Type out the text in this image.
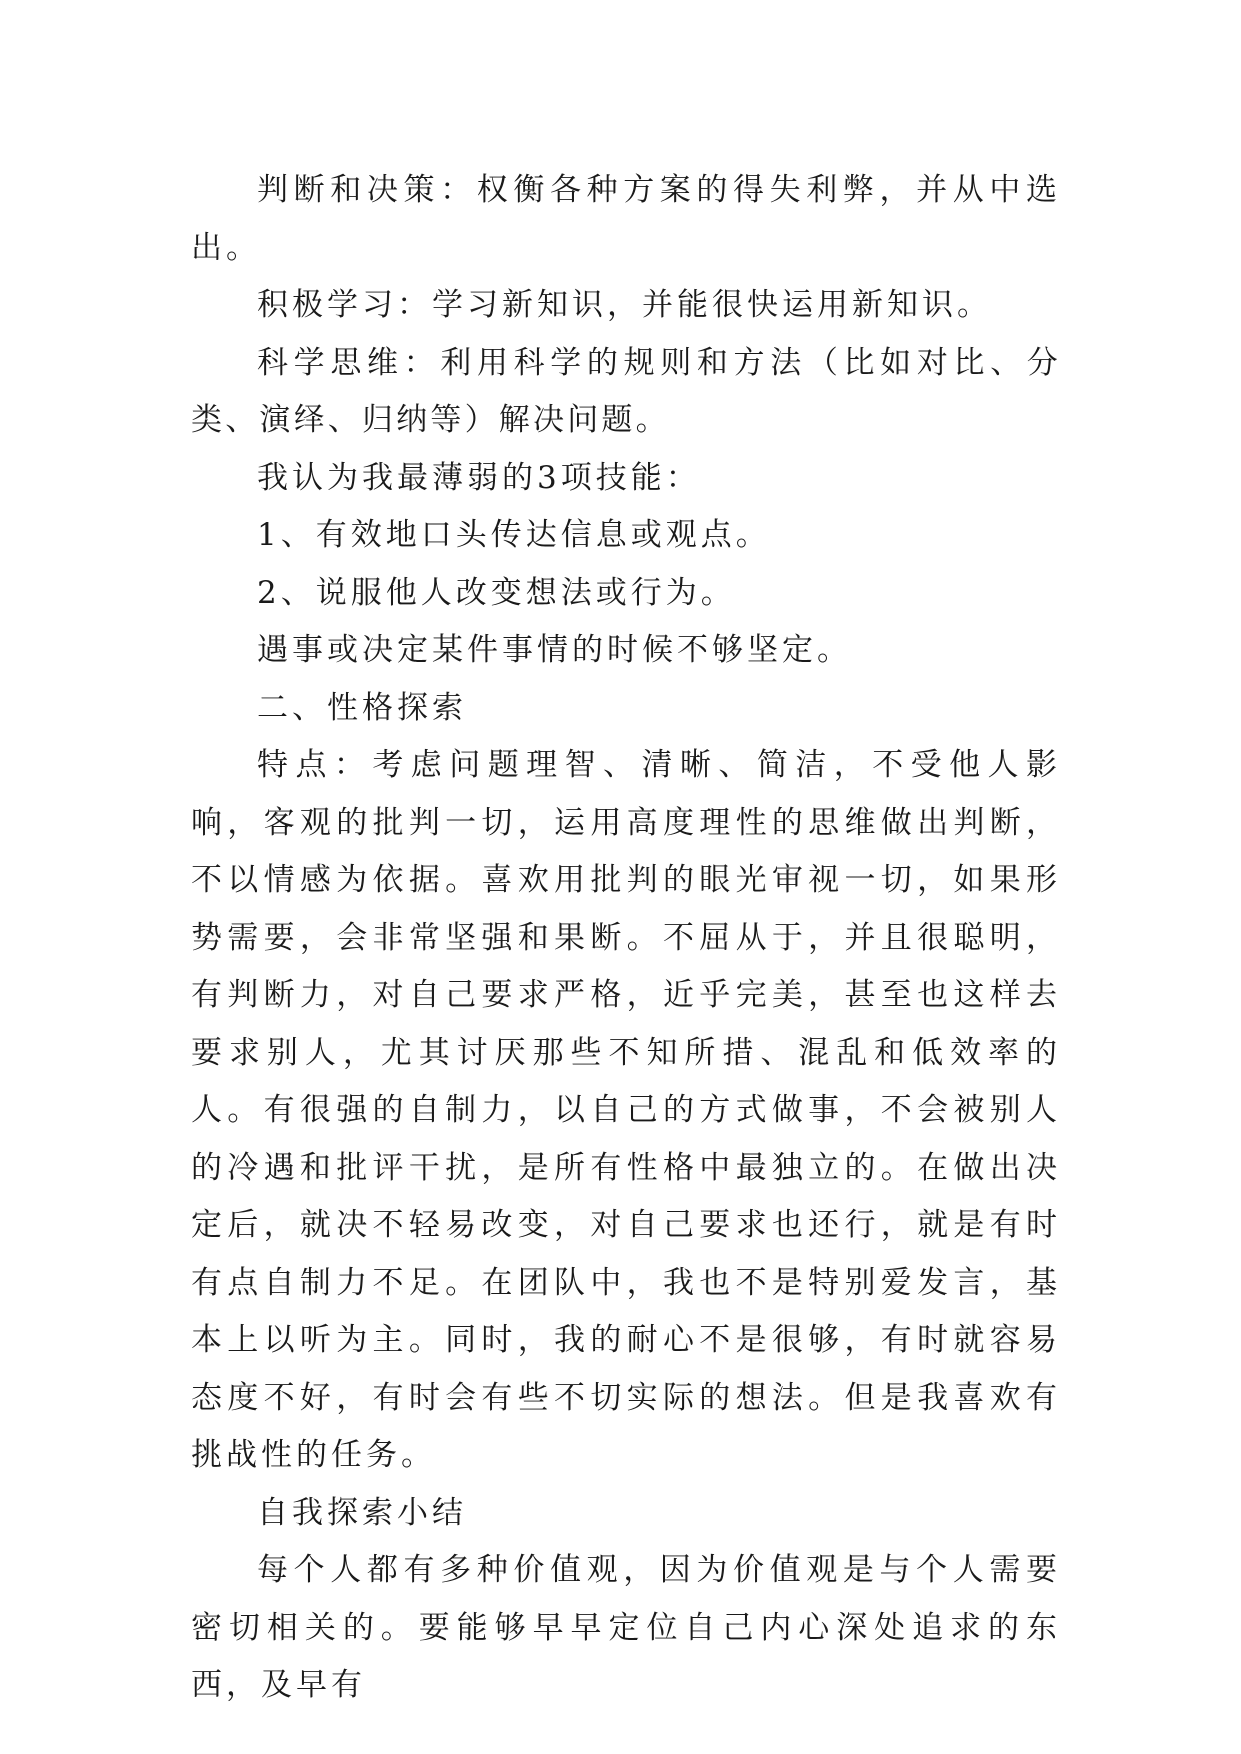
判断和决策：权衡各种方案的得失利弊，并从中选出。

积极学习：学习新知识，并能很快运用新知识。

科学思维：利用科学的规则和方法（比如对比、分类、演绎、归纳等）解决问题。

我认为我最薄弱的3项技能：

1、有效地口头传达信息或观点。

2、说服他人改变想法或行为。

遇事或决定某件事情的时候不够坚定。

二、性格探索

特点：考虑问题理智、清晰、简洁，不受他人影响，客观的批判一切，运用高度理性的思维做出判断，不以情感为依据。喜欢用批判的眼光审视一切，如果形势需要，会非常坚强和果断。不屈从于，并且很聪明，有判断力，对自己要求严格，近乎完美，甚至也这样去要求别人，尤其讨厌那些不知所措、混乱和低效率的人。有很强的自制力，以自己的方式做事，不会被别人的冷遇和批评干扰，是所有性格中最独立的。在做出决定后，就决不轻易改变，对自己要求也还行，就是有时有点自制力不足。在团队中，我也不是特别爱发言，基本上以听为主。同时，我的耐心不是很够，有时就容易态度不好，有时会有些不切实际的想法。但是我喜欢有挑战性的任务。

自我探索小结

每个人都有多种价值观，因为价值观是与个人需要密切相关的。要能够早早定位自己内心深处追求的东西，及早有
